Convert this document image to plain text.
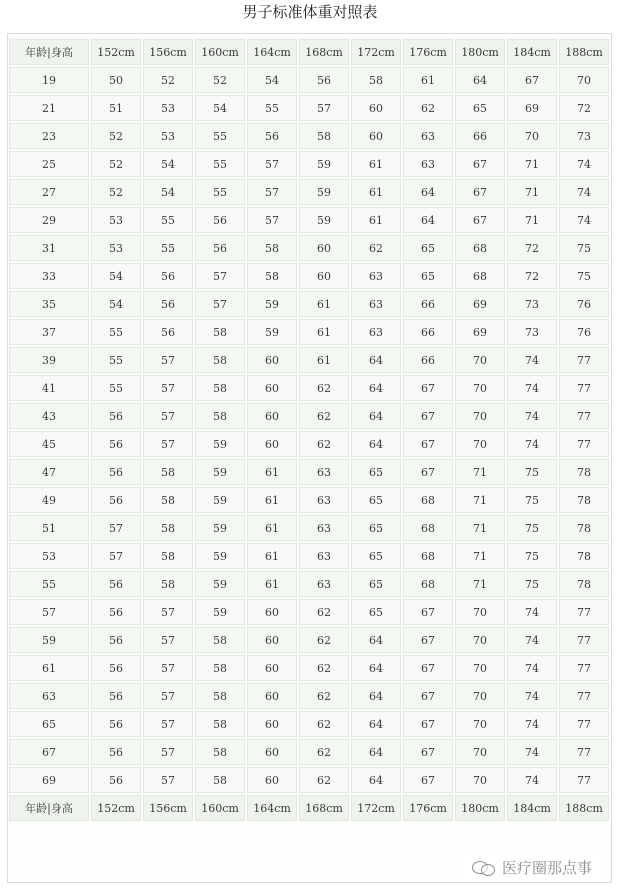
男子标准体重对照表
年龄|身高	152cm	156cm	160cm	164cm	168cm	172cm	176cm	180cm	184cm	188cm
19	50	52	52	54	56	58	61	64	67	70
21	51	53	54	55	57	60	62	65	69	72
23	52	53	55	56	58	60	63	66	70	73
25	52	54	55	57	59	61	63	67	71	74
27	52	54	55	57	59	61	64	67	71	74
29	53	55	56	57	59	61	64	67	71	74
31	53	55	56	58	60	62	65	68	72	75
33	54	56	57	58	60	63	65	68	72	75
35	54	56	57	59	61	63	66	69	73	76
37	55	56	58	59	61	63	66	69	73	76
39	55	57	58	60	61	64	66	70	74	77
41	55	57	58	60	62	64	67	70	74	77
43	56	57	58	60	62	64	67	70	74	77
45	56	57	59	60	62	64	67	70	74	77
47	56	58	59	61	63	65	67	71	75	78
49	56	58	59	61	63	65	68	71	75	78
51	57	58	59	61	63	65	68	71	75	78
53	57	58	59	61	63	65	68	71	75	78
55	56	58	59	61	63	65	68	71	75	78
57	56	57	59	60	62	65	67	70	74	77
59	56	57	58	60	62	64	67	70	74	77
61	56	57	58	60	62	64	67	70	74	77
63	56	57	58	60	62	64	67	70	74	77
65	56	57	58	60	62	64	67	70	74	77
67	56	57	58	60	62	64	67	70	74	77
69	56	57	58	60	62	64	67	70	74	77
年龄|身高	152cm	156cm	160cm	164cm	168cm	172cm	176cm	180cm	184cm	188cm
医疗圈那点事
